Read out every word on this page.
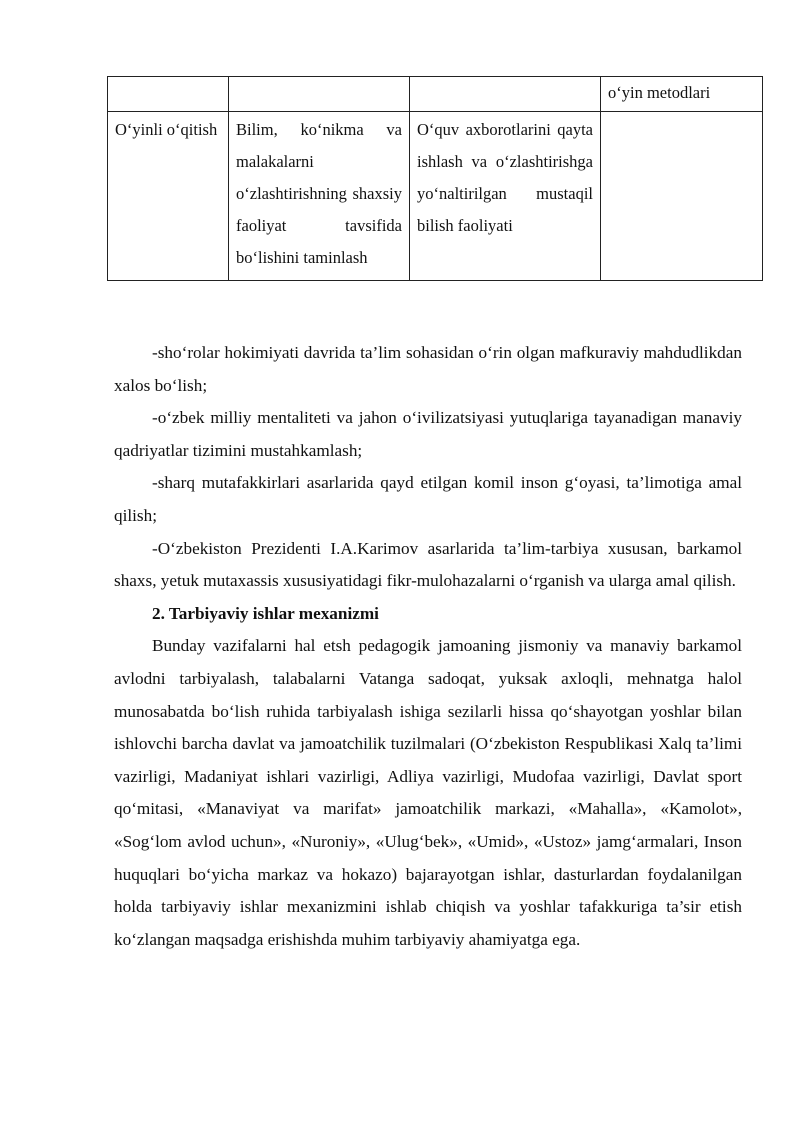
			o‘yin metodlari
O‘yinli o‘qitish	Bilim, ko‘nikma va malakalarni o‘zlashtirishning shaxsiy faoliyat tavsifida bo‘lishini taminlash	O‘quv axborotlarini qayta ishlash va o‘zlashtirishga yo‘naltirilgan mustaqil bilish faoliyati	

-sho‘rolar hokimiyati davrida ta’lim sohasidan o‘rin olgan mafkuraviy mahdudlikdan xalos bo‘lish;

-o‘zbek milliy mentaliteti va jahon o‘ivilizatsiyasi yutuqlariga tayanadigan manaviy qadriyatlar tizimini mustahkamlash;

-sharq mutafakkirlari asarlarida qayd etilgan komil inson g‘oyasi, ta’limotiga amal qilish;

-O‘zbekiston Prezidenti I.A.Karimov asarlarida ta’lim-tarbiya xususan, barkamol shaxs, yetuk mutaxassis xususiyatidagi fikr-mulohazalarni o‘rganish va ularga amal qilish.

2. Tarbiyaviy ishlar mexanizmi

Bunday vazifalarni hal etsh pedagogik jamoaning jismoniy va manaviy barkamol avlodni tarbiyalash, talabalarni Vatanga sadoqat, yuksak axloqli, mehnatga halol munosabatda bo‘lish ruhida tarbiyalash ishiga sezilarli hissa qo‘shayotgan yoshlar bilan ishlovchi barcha davlat va jamoatchilik tuzilmalari (O‘zbekiston Respublikasi Xalq ta’limi vazirligi, Madaniyat ishlari vazirligi, Adliya vazirligi, Mudofaa vazirligi, Davlat sport qo‘mitasi, «Manaviyat va marifat» jamoatchilik markazi, «Mahalla», «Kamolot», «Sog‘lom avlod uchun», «Nuroniy», «Ulug‘bek», «Umid», «Ustoz» jamg‘armalari, Inson huquqlari bo‘yicha markaz va hokazo) bajarayotgan ishlar, dasturlardan foydalanilgan holda tarbiyaviy ishlar mexanizmini ishlab chiqish va yoshlar tafakkuriga ta’sir etish ko‘zlangan maqsadga erishishda muhim tarbiyaviy ahamiyatga ega.
